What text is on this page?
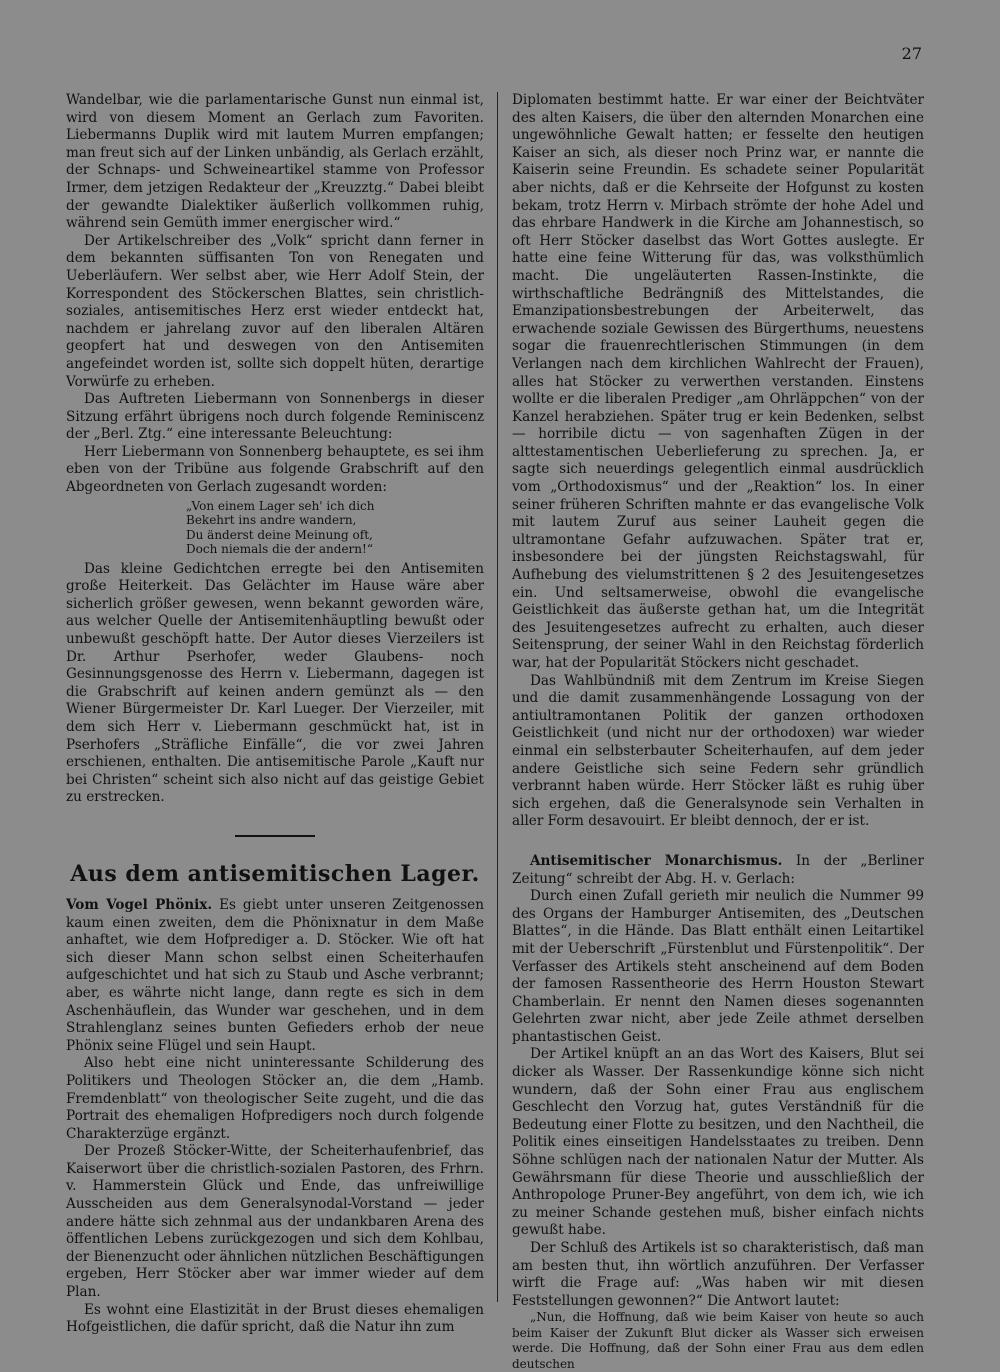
27

Wandelbar, wie die parlamentarische Gunst nun einmal ist, wird von diesem Moment an Gerlach zum Favoriten. Liebermanns Duplik wird mit lautem Murren empfangen; man freut sich auf der Linken unbändig, als Gerlach erzählt, der Schnaps- und Schweineartikel stamme von Professor Irmer, dem jetzigen Redakteur der „Kreuzztg.“ Dabei bleibt der gewandte Dialektiker äußerlich vollkommen ruhig, während sein Gemüth immer energischer wird.“

Der Artikelschreiber des „Volk“ spricht dann ferner in dem bekannten süffisanten Ton von Renegaten und Ueberläufern. Wer selbst aber, wie Herr Adolf Stein, der Korrespondent des Stöckerschen Blattes, sein christlich-soziales, antisemitisches Herz erst wieder entdeckt hat, nachdem er jahrelang zuvor auf den liberalen Altären geopfert hat und deswegen von den Antisemiten angefeindet worden ist, sollte sich doppelt hüten, derartige Vorwürfe zu erheben.

Das Auftreten Liebermann von Sonnenbergs in dieser Sitzung erfährt übrigens noch durch folgende Reminiscenz der „Berl. Ztg.“ eine interessante Beleuchtung:

Herr Liebermann von Sonnenberg behauptete, es sei ihm eben von der Tribüne aus folgende Grabschrift auf den Abgeordneten von Gerlach zugesandt worden:

„Von einem Lager seh' ich dich
Bekehrt ins andre wandern,
Du änderst deine Meinung oft,
Doch niemals die der andern!“

Das kleine Gedichtchen erregte bei den Antisemiten große Heiterkeit. Das Gelächter im Hause wäre aber sicherlich größer gewesen, wenn bekannt geworden wäre, aus welcher Quelle der Antisemitenhäuptling bewußt oder unbewußt geschöpft hatte. Der Autor dieses Vierzeilers ist Dr. Arthur Pserhofer, weder Glaubens- noch Gesinnungsgenosse des Herrn v. Liebermann, dagegen ist die Grabschrift auf keinen andern gemünzt als — den Wiener Bürgermeister Dr. Karl Lueger. Der Vierzeiler, mit dem sich Herr v. Liebermann geschmückt hat, ist in Pserhofers „Sträfliche Einfälle“, die vor zwei Jahren erschienen, enthalten. Die antisemitische Parole „Kauft nur bei Christen“ scheint sich also nicht auf das geistige Gebiet zu erstrecken.

Aus dem antisemitischen Lager.

Vom Vogel Phönix. Es giebt unter unseren Zeitgenossen kaum einen zweiten, dem die Phönixnatur in dem Maße anhaftet, wie dem Hofprediger a. D. Stöcker. Wie oft hat sich dieser Mann schon selbst einen Scheiterhaufen aufgeschichtet und hat sich zu Staub und Asche verbrannt; aber, es währte nicht lange, dann regte es sich in dem Aschenhäuflein, das Wunder war geschehen, und in dem Strahlenglanz seines bunten Gefieders erhob der neue Phönix seine Flügel und sein Haupt.

Also hebt eine nicht uninteressante Schilderung des Politikers und Theologen Stöcker an, die dem „Hamb. Fremdenblatt“ von theologischer Seite zugeht, und die das Portrait des ehemaligen Hofpredigers noch durch folgende Charakterzüge ergänzt.

Der Prozeß Stöcker-Witte, der Scheiterhaufenbrief, das Kaiserwort über die christlich-sozialen Pastoren, des Frhrn. v. Hammerstein Glück und Ende, das unfreiwillige Ausscheiden aus dem Generalsynodal-Vorstand — jeder andere hätte sich zehnmal aus der undankbaren Arena des öffentlichen Lebens zurückgezogen und sich dem Kohlbau, der Bienenzucht oder ähnlichen nützlichen Beschäftigungen ergeben, Herr Stöcker aber war immer wieder auf dem Plan.

Es wohnt eine Elastizität in der Brust dieses ehemaligen Hofgeistlichen, die dafür spricht, daß die Natur ihn zum

Diplomaten bestimmt hatte. Er war einer der Beichtväter des alten Kaisers, die über den alternden Monarchen eine ungewöhnliche Gewalt hatten; er fesselte den heutigen Kaiser an sich, als dieser noch Prinz war, er nannte die Kaiserin seine Freundin. Es schadete seiner Popularität aber nichts, daß er die Kehrseite der Hofgunst zu kosten bekam, trotz Herrn v. Mirbach strömte der hohe Adel und das ehrbare Handwerk in die Kirche am Johannestisch, so oft Herr Stöcker daselbst das Wort Gottes auslegte. Er hatte eine feine Witterung für das, was volksthümlich macht. Die ungeläuterten Rassen-Instinkte, die wirthschaftliche Bedrängniß des Mittelstandes, die Emanzipationsbestrebungen der Arbeiterwelt, das erwachende soziale Gewissen des Bürgerthums, neuestens sogar die frauenrechtlerischen Stimmungen (in dem Verlangen nach dem kirchlichen Wahlrecht der Frauen), alles hat Stöcker zu verwerthen verstanden. Einstens wollte er die liberalen Prediger „am Ohrläppchen“ von der Kanzel herabziehen. Später trug er kein Bedenken, selbst — horribile dictu — von sagenhaften Zügen in der alttestamentischen Ueberlieferung zu sprechen. Ja, er sagte sich neuerdings gelegentlich einmal ausdrücklich vom „Orthodoxismus“ und der „Reaktion“ los. In einer seiner früheren Schriften mahnte er das evangelische Volk mit lautem Zuruf aus seiner Lauheit gegen die ultramontane Gefahr aufzuwachen. Später trat er, insbesondere bei der jüngsten Reichstagswahl, für Aufhebung des vielumstrittenen § 2 des Jesuitengesetzes ein. Und seltsamerweise, obwohl die evangelische Geistlichkeit das äußerste gethan hat, um die Integrität des Jesuitengesetzes aufrecht zu erhalten, auch dieser Seitensprung, der seiner Wahl in den Reichstag förderlich war, hat der Popularität Stöckers nicht geschadet.

Das Wahlbündniß mit dem Zentrum im Kreise Siegen und die damit zusammenhängende Lossagung von der antiultramontanen Politik der ganzen orthodoxen Geistlichkeit (und nicht nur der orthodoxen) war wieder einmal ein selbsterbauter Scheiterhaufen, auf dem jeder andere Geistliche sich seine Federn sehr gründlich verbrannt haben würde. Herr Stöcker läßt es ruhig über sich ergehen, daß die Generalsynode sein Verhalten in aller Form desavouirt. Er bleibt dennoch, der er ist.

Antisemitischer Monarchismus. In der „Berliner Zeitung“ schreibt der Abg. H. v. Gerlach:

Durch einen Zufall gerieth mir neulich die Nummer 99 des Organs der Hamburger Antisemiten, des „Deutschen Blattes“, in die Hände. Das Blatt enthält einen Leitartikel mit der Ueberschrift „Fürstenblut und Fürstenpolitik“. Der Verfasser des Artikels steht anscheinend auf dem Boden der famosen Rassentheorie des Herrn Houston Stewart Chamberlain. Er nennt den Namen dieses sogenannten Gelehrten zwar nicht, aber jede Zeile athmet derselben phantastischen Geist.

Der Artikel knüpft an an das Wort des Kaisers, Blut sei dicker als Wasser. Der Rassenkundige könne sich nicht wundern, daß der Sohn einer Frau aus englischem Geschlecht den Vorzug hat, gutes Verständniß für die Bedeutung einer Flotte zu besitzen, und den Nachtheil, die Politik eines einseitigen Handelsstaates zu treiben. Denn Söhne schlügen nach der nationalen Natur der Mutter. Als Gewährsmann für diese Theorie und ausschließlich der Anthropologe Pruner-Bey angeführt, von dem ich, wie ich zu meiner Schande gestehen muß, bisher einfach nichts gewußt habe.

Der Schluß des Artikels ist so charakteristisch, daß man am besten thut, ihn wörtlich anzuführen. Der Verfasser wirft die Frage auf: „Was haben wir mit diesen Feststellungen gewonnen?“ Die Antwort lautet:

„Nun, die Hoffnung, daß wie beim Kaiser von heute so auch beim Kaiser der Zukunft Blut dicker als Wasser sich erweisen werde. Die Hoffnung, daß der Sohn einer Frau aus dem edlen deutschen
